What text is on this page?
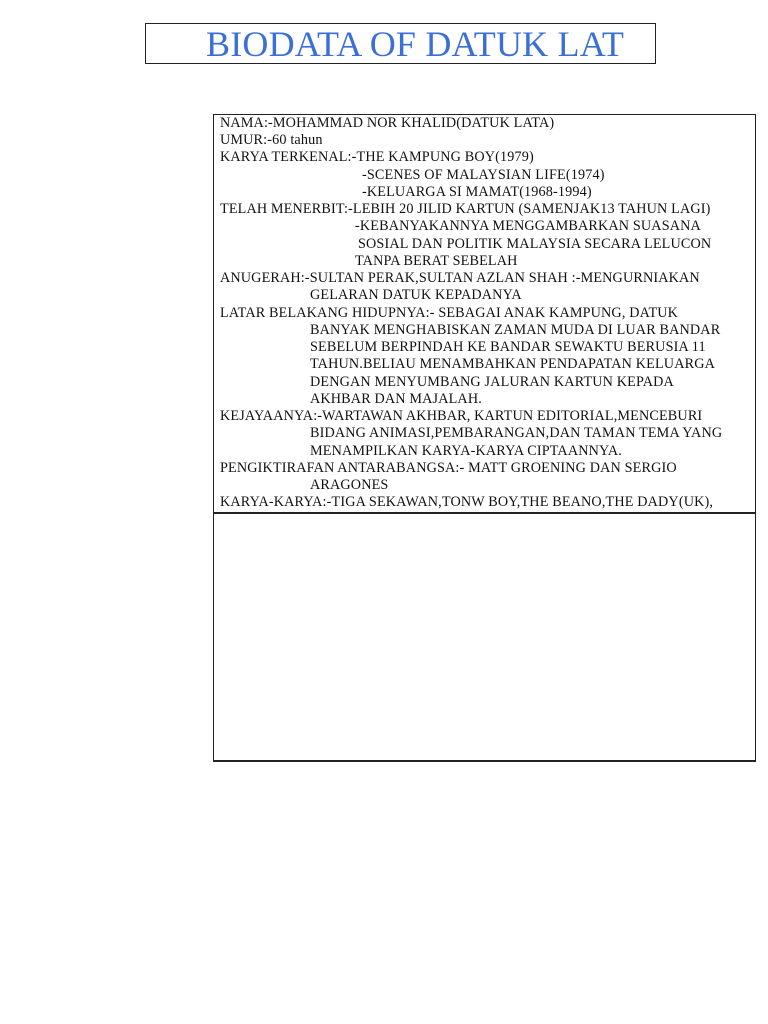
BIODATA OF DATUK LAT
NAMA:-MOHAMMAD NOR KHALID(DATUK LATA)
UMUR:-60 tahun
KARYA TERKENAL:-THE KAMPUNG BOY(1979)
-SCENES OF MALAYSIAN LIFE(1974)
-KELUARGA SI MAMAT(1968-1994)
TELAH MENERBIT:-LEBIH 20 JILID KARTUN (SAMENJAK13 TAHUN LAGI)
-KEBANYAKANNYA MENGGAMBARKAN SUASANA
SOSIAL DAN POLITIK MALAYSIA SECARA LELUCON
TANPA BERAT SEBELAH
ANUGERAH:-SULTAN PERAK,SULTAN AZLAN SHAH :-MENGURNIAKAN
GELARAN DATUK KEPADANYA
LATAR BELAKANG HIDUPNYA:- SEBAGAI ANAK KAMPUNG, DATUK
BANYAK MENGHABISKAN ZAMAN MUDA DI LUAR BANDAR
SEBELUM BERPINDAH KE BANDAR SEWAKTU BERUSIA 11
TAHUN.BELIAU MENAMBAHKAN PENDAPATAN KELUARGA
DENGAN MENYUMBANG JALURAN KARTUN KEPADA
AKHBAR DAN MAJALAH.
KEJAYAANYA:-WARTAWAN AKHBAR, KARTUN EDITORIAL,MENCEBURI
BIDANG ANIMASI,PEMBARANGAN,DAN TAMAN TEMA YANG
MENAMPILKAN KARYA-KARYA CIPTAANNYA.
PENGIKTIRAFAN ANTARABANGSA:- MATT GROENING DAN SERGIO
ARAGONES
KARYA-KARYA:-TIGA SEKAWAN,TONW BOY,THE BEANO,THE DADY(UK),
